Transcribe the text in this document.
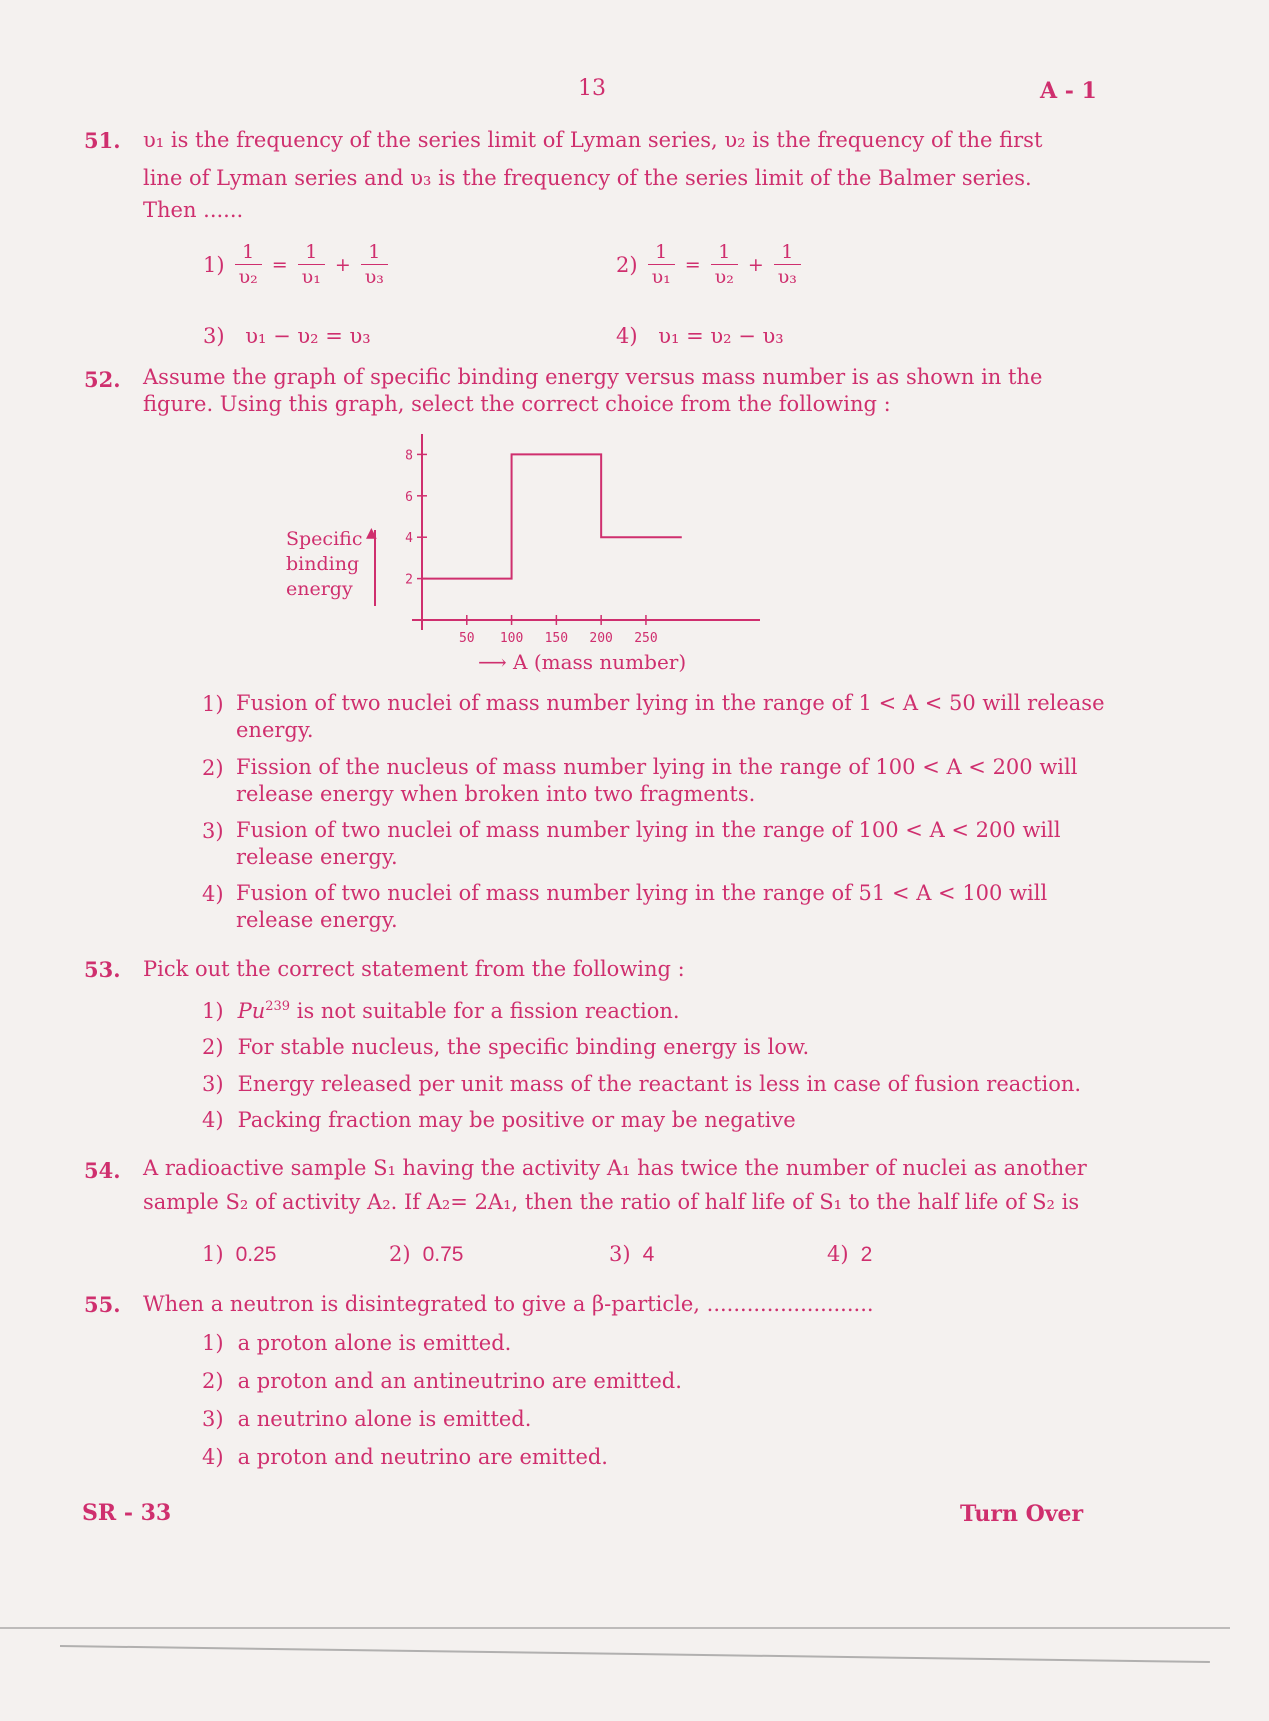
13	A - 1
51. υ₁ is the frequency of the series limit of Lyman series, υ₂ is the frequency of the first
line of Lyman series and υ₃ is the frequency of the series limit of the Balmer series.
Then ......
$1) \frac{1}{\text{υ₂}} = \frac{1}{\text{υ₁}} + \frac{1}{\text{υ₃}}$	$2) \frac{1}{\text{υ₁}} = \frac{1}{\text{υ₂}} + \frac{1}{\text{υ₃}}$
3) υ₁ − υ₂ = υ₃	4) υ₁ = υ₂ − υ₃
52. Assume the graph of specific binding energy versus mass number is as shown in the
figure. Using this graph, select the correct choice from the following :
Specific binding energy	2
4
6
8
50 100 150 200 250
⟶ A (mass number)
1) Fusion of two nuclei of mass number lying in the range of 1 < A < 50 will release
energy.
2) Fission of the nucleus of mass number lying in the range of 100 < A < 200 will
release energy when broken into two fragments.
3) Fusion of two nuclei of mass number lying in the range of 100 < A < 200 will
release energy.
4) Fusion of two nuclei of mass number lying in the range of 51 < A < 100 will
release energy.
53. Pick out the correct statement from the following :
1) Pu$^{239}$ is not suitable for a fission reaction.
2) For stable nucleus, the specific binding energy is low.
3) Energy released per unit mass of the reactant is less in case of fusion reaction.
4) Packing fraction may be positive or may be negative
54. A radioactive sample S₁ having the activity A₁ has twice the number of nuclei as another
sample S₂ of activity A₂. If A₂= 2A₁, then the ratio of half life of S₁ to the half life of S₂ is
1) 0.25	2) 0.75	3) 4	4) 2
55. When a neutron is disintegrated to give a β-particle, .........................
1) a proton alone is emitted.
2) a proton and an antineutrino are emitted.
3) a neutrino alone is emitted.
4) a proton and neutrino are emitted.
SR - 33	Turn Over
▲
